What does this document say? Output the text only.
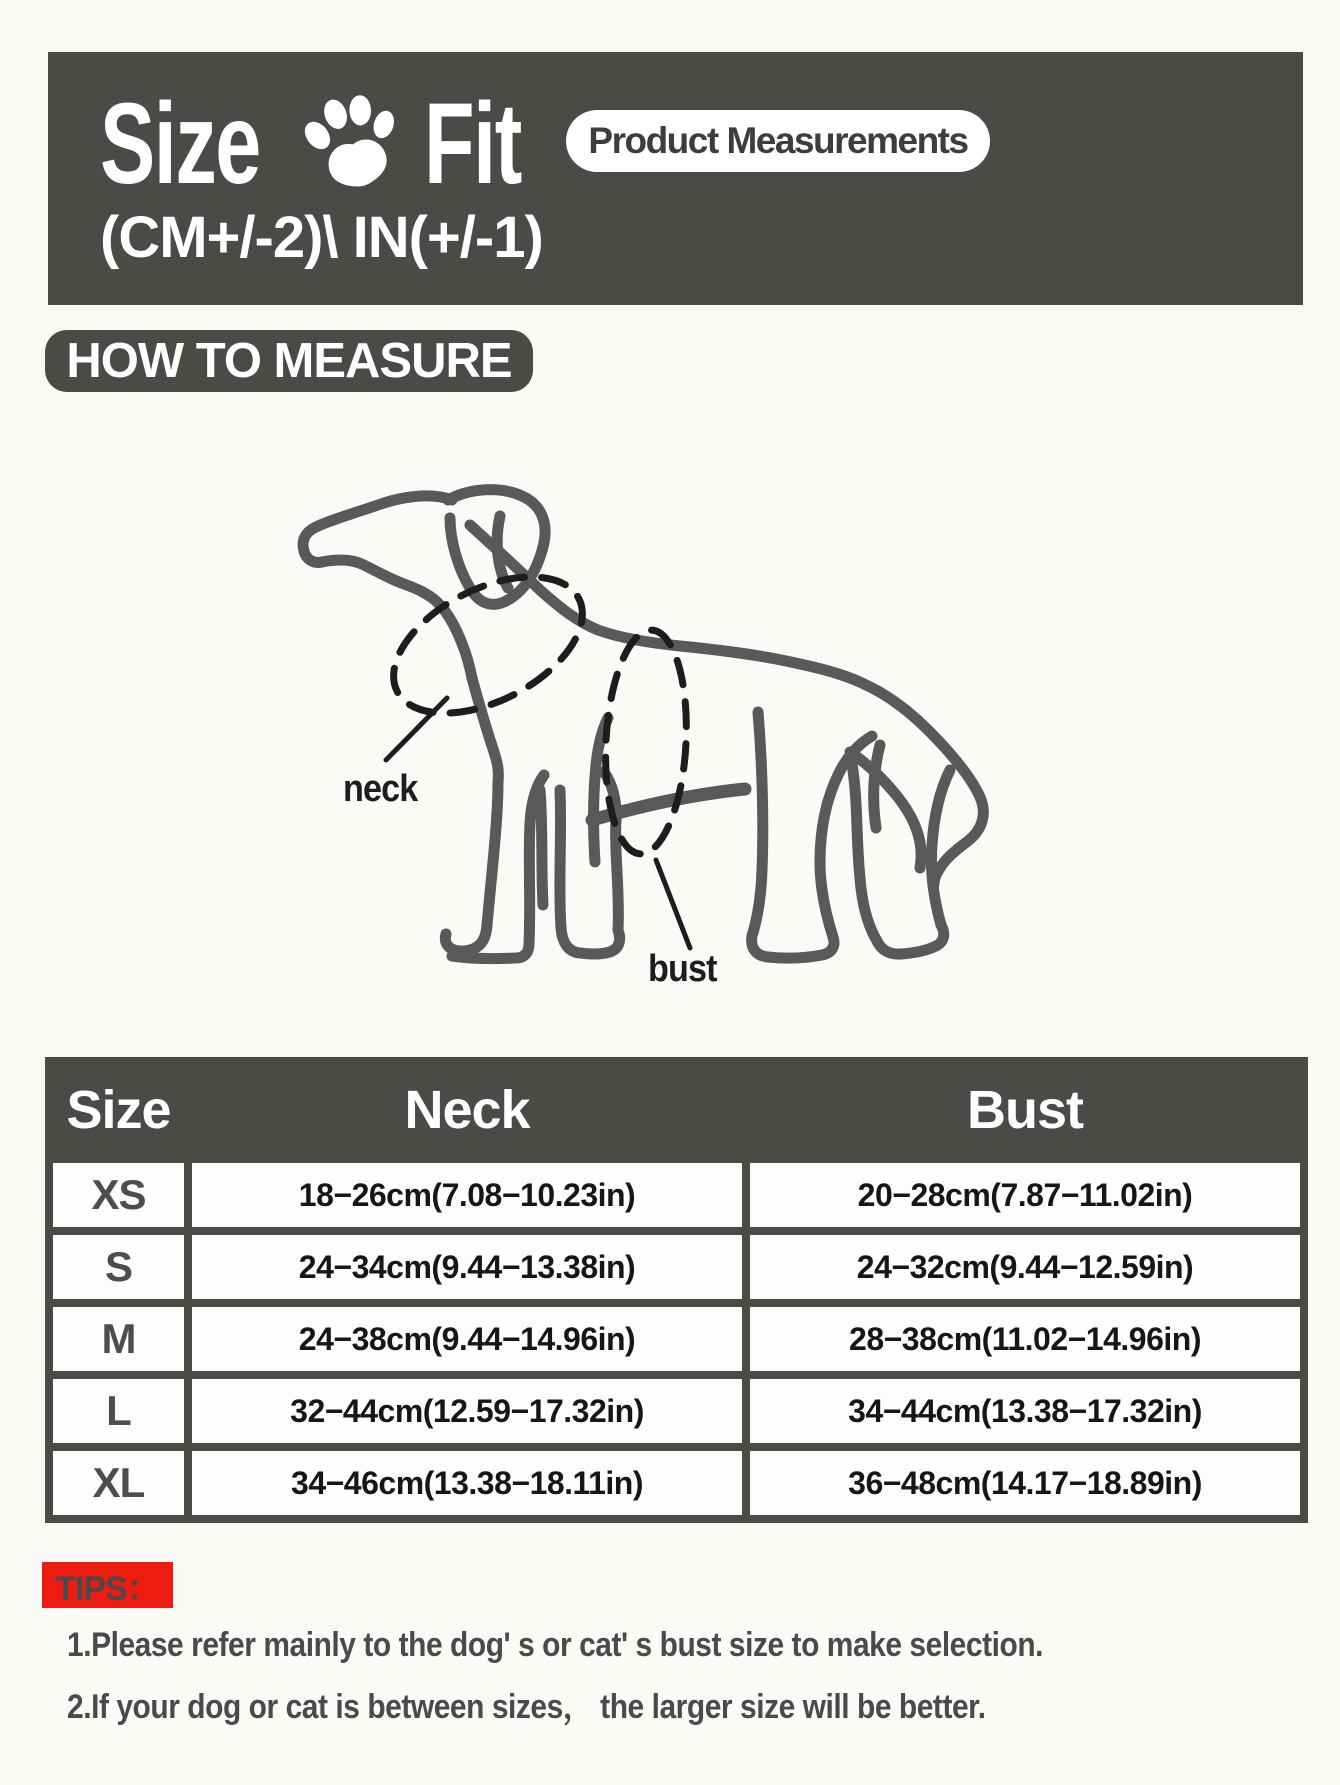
Size Fit	Product Measurements
(CM+/-2)\ IN(+/-1)
HOW TO MEASURE
neck
bust
Size	Neck	Bust
XS	18−26cm(7.08−10.23in)	20−28cm(7.87−11.02in)
S	24−34cm(9.44−13.38in)	24−32cm(9.44−12.59in)
M	24−38cm(9.44−14.96in)	28−38cm(11.02−14.96in)
L	32−44cm(12.59−17.32in)	34−44cm(13.38−17.32in)
XL	34−46cm(13.38−18.11in)	36−48cm(14.17−18.89in)
TIPS：
1.Please refer mainly to the dog' s or cat' s bust size to make selection.
2.If your dog or cat is between sizes， the larger size will be better.
